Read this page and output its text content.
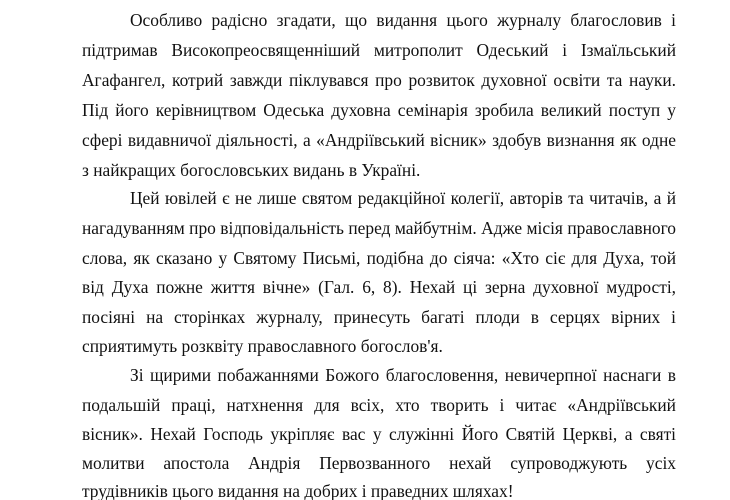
Особливо радісно згадати, що видання цього журналу благословив і
підтримав Високопреосвященніший митрополит Одеський і Ізмаїльський
Агафангел, котрий завжди піклувався про розвиток духовної освіти та науки.
Під його керівництвом Одеська духовна семінарія зробила великий поступ у
сфері видавничої діяльності, а «Андріївський вісник» здобув визнання як одне
з найкращих богословських видань в Україні.
Цей ювілей є не лише святом редакційної колегії, авторів та читачів, а й
нагадуванням про відповідальність перед майбутнім. Адже місія православного
слова, як сказано у Святому Письмі, подібна до сіяча: «Хто сіє для Духа, той
від Духа пожне життя вічне» (Гал. 6, 8). Нехай ці зерна духовної мудрості,
посіяні на сторінках журналу, принесуть багаті плоди в серцях вірних і
сприятимуть розквіту православного богослов'я.
Зі щирими побажаннями Божого благословення, невичерпної наснаги в
подальшій праці, натхнення для всіх, хто творить і читає «Андріївський
вісник». Нехай Господь укріпляє вас у служінні Його Святій Церкві, а святі
молитви апостола Андрія Первозванного нехай супроводжують усіх
трудівників цього видання на добрих і праведних шляхах!
